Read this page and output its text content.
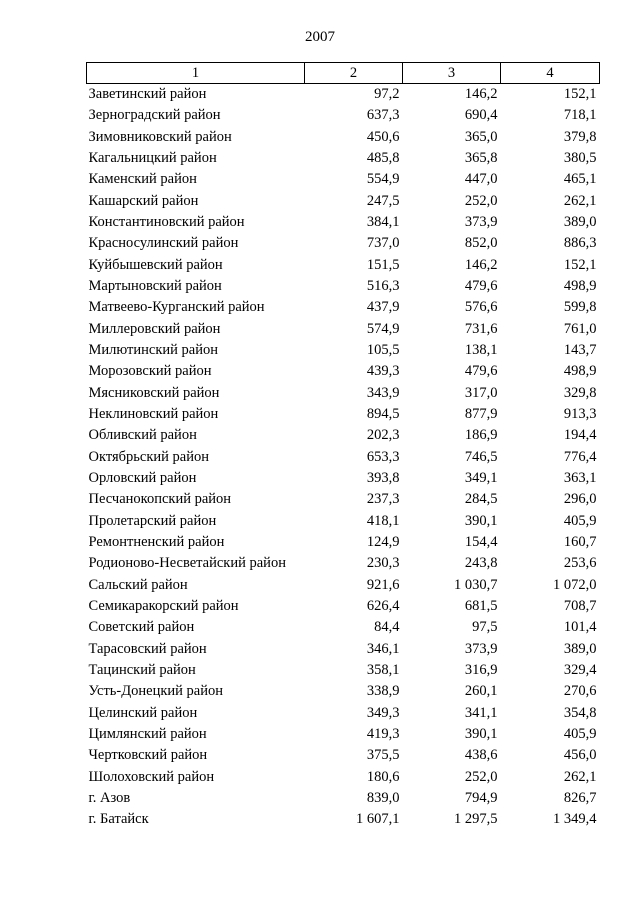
2007
1	2	3	4
Заветинский район	97,2	146,2	152,1
Зерноградский район	637,3	690,4	718,1
Зимовниковский район	450,6	365,0	379,8
Кагальницкий район	485,8	365,8	380,5
Каменский район	554,9	447,0	465,1
Кашарский район	247,5	252,0	262,1
Константиновский район	384,1	373,9	389,0
Красносулинский район	737,0	852,0	886,3
Куйбышевский район	151,5	146,2	152,1
Мартыновский район	516,3	479,6	498,9
Матвеево-Курганский район	437,9	576,6	599,8
Миллеровский район	574,9	731,6	761,0
Милютинский район	105,5	138,1	143,7
Морозовский район	439,3	479,6	498,9
Мясниковский район	343,9	317,0	329,8
Неклиновский район	894,5	877,9	913,3
Обливский район	202,3	186,9	194,4
Октябрьский район	653,3	746,5	776,4
Орловский район	393,8	349,1	363,1
Песчанокопский район	237,3	284,5	296,0
Пролетарский район	418,1	390,1	405,9
Ремонтненский район	124,9	154,4	160,7
Родионово-Несветайский район	230,3	243,8	253,6
Сальский район	921,6	1 030,7	1 072,0
Семикаракорский район	626,4	681,5	708,7
Советский район	84,4	97,5	101,4
Тарасовский район	346,1	373,9	389,0
Тацинский район	358,1	316,9	329,4
Усть-Донецкий район	338,9	260,1	270,6
Целинский район	349,3	341,1	354,8
Цимлянский район	419,3	390,1	405,9
Чертковский район	375,5	438,6	456,0
Шолоховский район	180,6	252,0	262,1
г. Азов	839,0	794,9	826,7
г. Батайск	1 607,1	1 297,5	1 349,4
